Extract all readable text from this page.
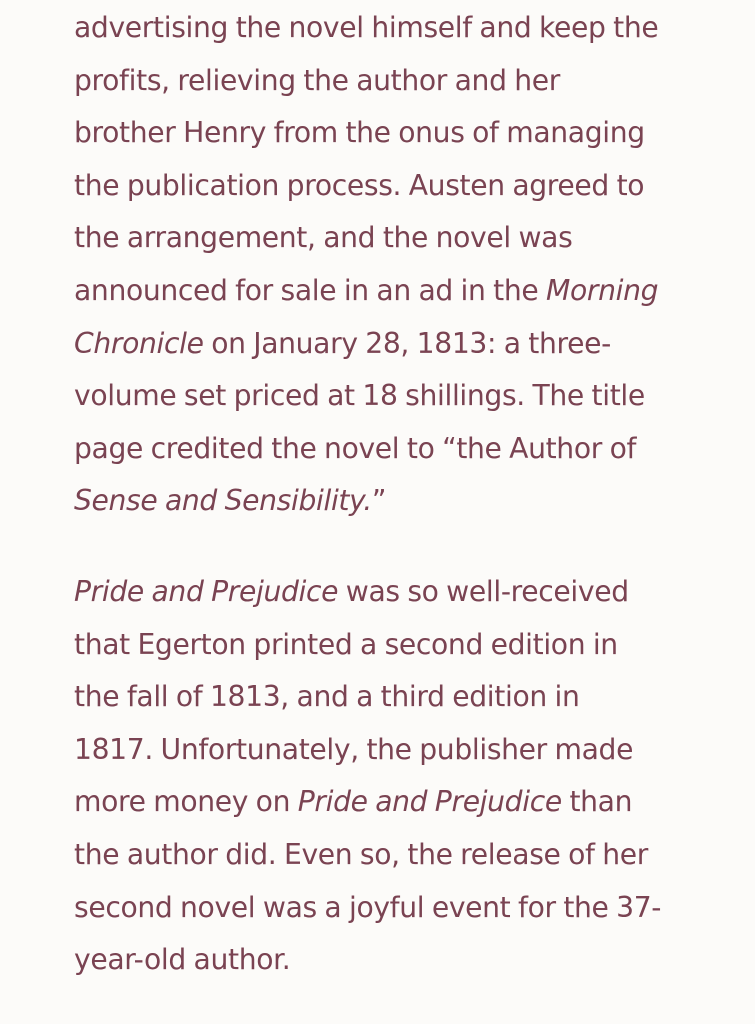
advertising the novel himself and keep the
profits, relieving the author and her
brother Henry from the onus of managing
the publication process. Austen agreed to
the arrangement, and the novel was
announced for sale in an ad in the Morning
Chronicle on January 28, 1813: a three-
volume set priced at 18 shillings. The title
page credited the novel to “the Author of
Sense and Sensibility.”

Pride and Prejudice was so well-received
that Egerton printed a second edition in
the fall of 1813, and a third edition in
1817. Unfortunately, the publisher made
more money on Pride and Prejudice than
the author did. Even so, the release of her
second novel was a joyful event for the 37-
year-old author.
